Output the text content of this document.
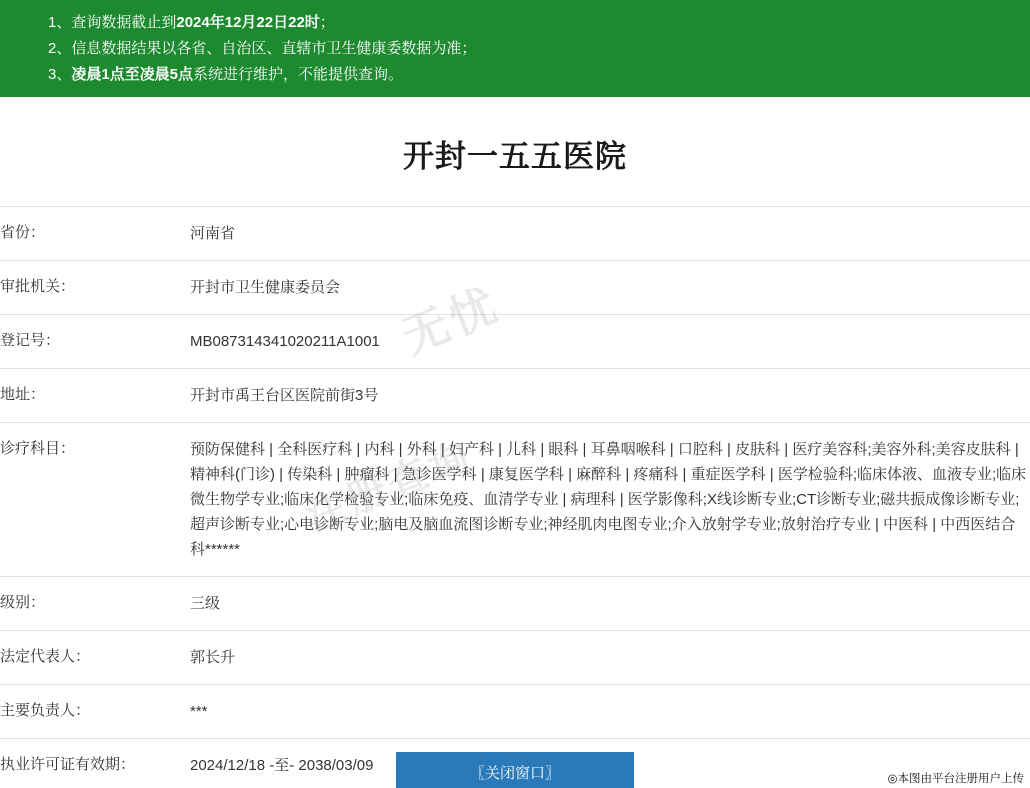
1、查询数据截止到2024年12月22日22时；
2、信息数据结果以各省、自治区、直辖市卫生健康委数据为准；
3、凌晨1点至凌晨5点系统进行维护，不能提供查询。
开封一五五医院
省份：	河南省
审批机关：	开封市卫生健康委员会
登记号：	MB087314341020211A1001
地址：	开封市禹王台区医院前街3号
诊疗科目：	预防保健科 | 全科医疗科 | 内科 | 外科 | 妇产科 | 儿科 | 眼科 | 耳鼻咽喉科 | 口腔科 | 皮肤科 | 医疗美容科;美容外科;美容皮肤科 | 精神科(门诊) | 传染科 | 肿瘤科 | 急诊医学科 | 康复医学科 | 麻醉科 | 疼痛科 | 重症医学科 | 医学检验科;临床体液、血液专业;临床微生物学专业;临床化学检验专业;临床免疫、血清学专业 | 病理科 | 医学影像科;X线诊断专业;CT诊断专业;磁共振成像诊断专业;超声诊断专业;心电诊断专业;脑电及脑血流图诊断专业;神经肌肉电图专业;介入放射学专业;放射治疗专业 | 中医科 | 中西医结合科******
级别：	三级
法定代表人：	郭长升
主要负责人：	***
执业许可证有效期：	2024/12/18 -至- 2038/03/09
无忧
注册查询
〖关闭窗口〗	◎本图由平台注册用户上传
